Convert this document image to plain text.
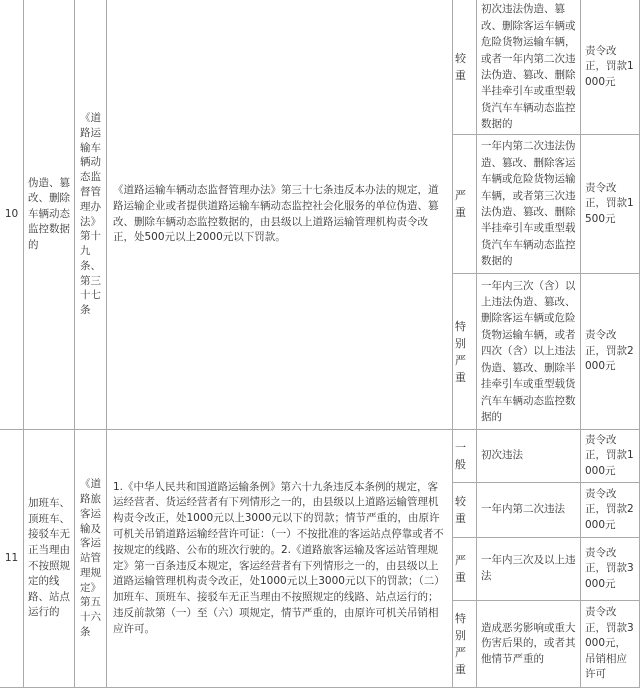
10
伪造、篡改、删除车辆动态监控数据的
《道路运输车辆动态监督管理办法》第十九条、第三十七条
《道路运输车辆动态监督管理办法》第三十七条违反本办法的规定，道路运输企业或者提供道路运输车辆动态监控社会化服务的单位伪造、篡改、删除车辆动态监控数据的，由县级以上道路运输管理机构责令改正，处500元以上2000元以下罚款。
较重
初次违法伪造、篡改、删除客运车辆或危险货物运输车辆，或者一年内第二次违法伪造、篡改、删除半挂牵引车或重型载货汽车车辆动态监控数据的
责令改正，罚款1000元
严重
一年内第二次违法伪造、篡改、删除客运车辆或危险货物运输车辆，或者第三次违法伪造、篡改、删除半挂牵引车或重型载货汽车车辆动态监控数据的
责令改正，罚款1500元
特别严重
一年内三次（含）以上违法伪造、篡改、删除客运车辆或危险货物运输车辆，或者四次（含）以上违法伪造、篡改、删除半挂牵引车或重型载货汽车车辆动态监控数据的
责令改正，罚款2000元
11
加班车、顶班车、接驳车无正当理由不按照规定的线路、站点运行的
《道路旅客运输及客运站管理规定》第五十六条
1.《中华人民共和国道路运输条例》第六十九条违反本条例的规定，客运经营者、货运经营者有下列情形之一的，由县级以上道路运输管理机构责令改正，处1000元以上3000元以下的罚款；情节严重的，由原许可机关吊销道路运输经营许可证：（一）不按批准的客运站点停靠或者不按规定的线路、公布的班次行驶的。2.《道路旅客运输及客运站管理规定》第一百条违反本规定，客运经营者有下列情形之一的，由县级以上道路运输管理机构责令改正，处1000元以上3000元以下的罚款；（二）加班车、顶班车、接驳车无正当理由不按照规定的线路、站点运行的；违反前款第（一）至（六）项规定，情节严重的，由原许可机关吊销相应许可。
一般
初次违法
责令改正，罚款1000元
较重
一年内第二次违法
责令改正，罚款2000元
严重
一年内三次及以上违法
责令改正，罚款3000元
特别严重
造成恶劣影响或重大伤害后果的，或者其他情节严重的
责令改正，罚款3000元，吊销相应许可
